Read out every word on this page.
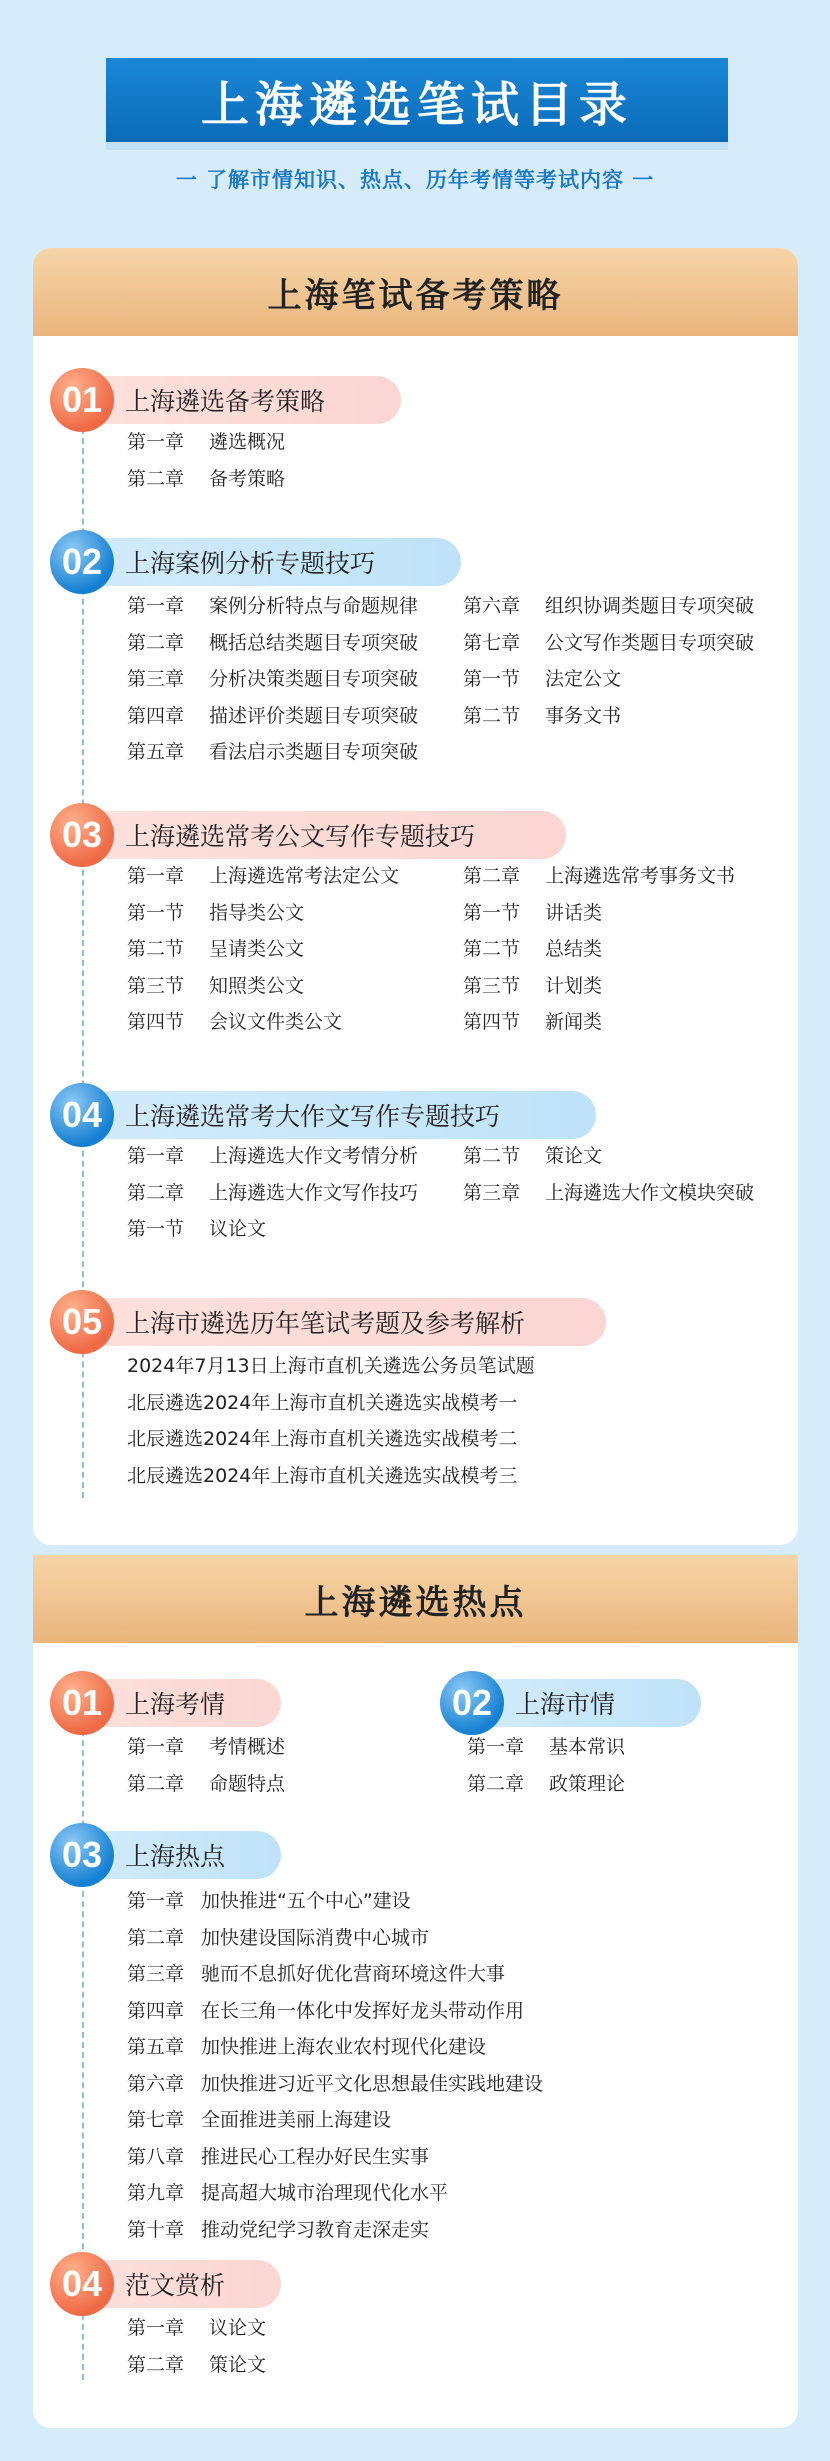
上海遴选笔试目录
一 了解市情知识、热点、历年考情等考试内容 一
上海笔试备考策略
01 上海遴选备考策略
第一章 遴选概况
第二章 备考策略
02 上海案例分析专题技巧
第一章 案例分析特点与命题规律
第二章 概括总结类题目专项突破
第三章 分析决策类题目专项突破
第四章 描述评价类题目专项突破
第五章 看法启示类题目专项突破
第六章 组织协调类题目专项突破
第七章 公文写作类题目专项突破
第一节 法定公文
第二节 事务文书
03 上海遴选常考公文写作专题技巧
第一章 上海遴选常考法定公文
第一节 指导类公文
第二节 呈请类公文
第三节 知照类公文
第四节 会议文件类公文
第二章 上海遴选常考事务文书
第一节 讲话类
第二节 总结类
第三节 计划类
第四节 新闻类
04 上海遴选常考大作文写作专题技巧
第一章 上海遴选大作文考情分析
第二章 上海遴选大作文写作技巧
第一节 议论文
第二节 策论文
第三章 上海遴选大作文模块突破
05 上海市遴选历年笔试考题及参考解析
2024年7月13日上海市直机关遴选公务员笔试题
北辰遴选2024年上海市直机关遴选实战模考一
北辰遴选2024年上海市直机关遴选实战模考二
北辰遴选2024年上海市直机关遴选实战模考三
上海遴选热点
01 上海考情
第一章 考情概述
第二章 命题特点
02 上海市情
第一章 基本常识
第二章 政策理论
03 上海热点
第一章 加快推进“五个中心”建设
第二章 加快建设国际消费中心城市
第三章 驰而不息抓好优化营商环境这件大事
第四章 在长三角一体化中发挥好龙头带动作用
第五章 加快推进上海农业农村现代化建设
第六章 加快推进习近平文化思想最佳实践地建设
第七章 全面推进美丽上海建设
第八章 推进民心工程办好民生实事
第九章 提高超大城市治理现代化水平
第十章 推动党纪学习教育走深走实
04 范文赏析
第一章 议论文
第二章 策论文
